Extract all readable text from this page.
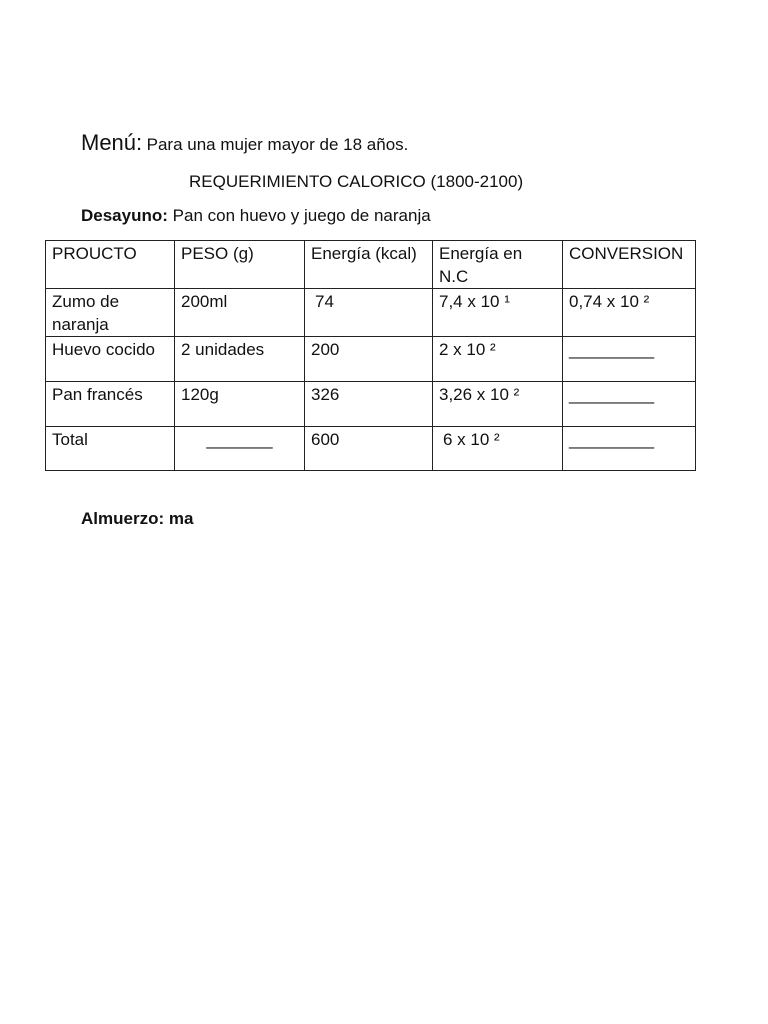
Menú: Para una mujer mayor de 18 años.
REQUERIMIENTO CALORICO (1800-2100)
Desayuno: Pan con huevo y juego de naranja
PROUCTO	PESO (g)	Energía (kcal)	Energía en N.C	CONVERSION
Zumo de naranja	200ml	74	7,4 x 10 ¹	0,74 x 10 ²
Huevo cocido	2 unidades	200	2 x 10 ²	_________
Pan francés	120g	326	3,26 x 10 ²	_________
Total	_______	600	6 x 10 ²	_________
Almuerzo: ma
